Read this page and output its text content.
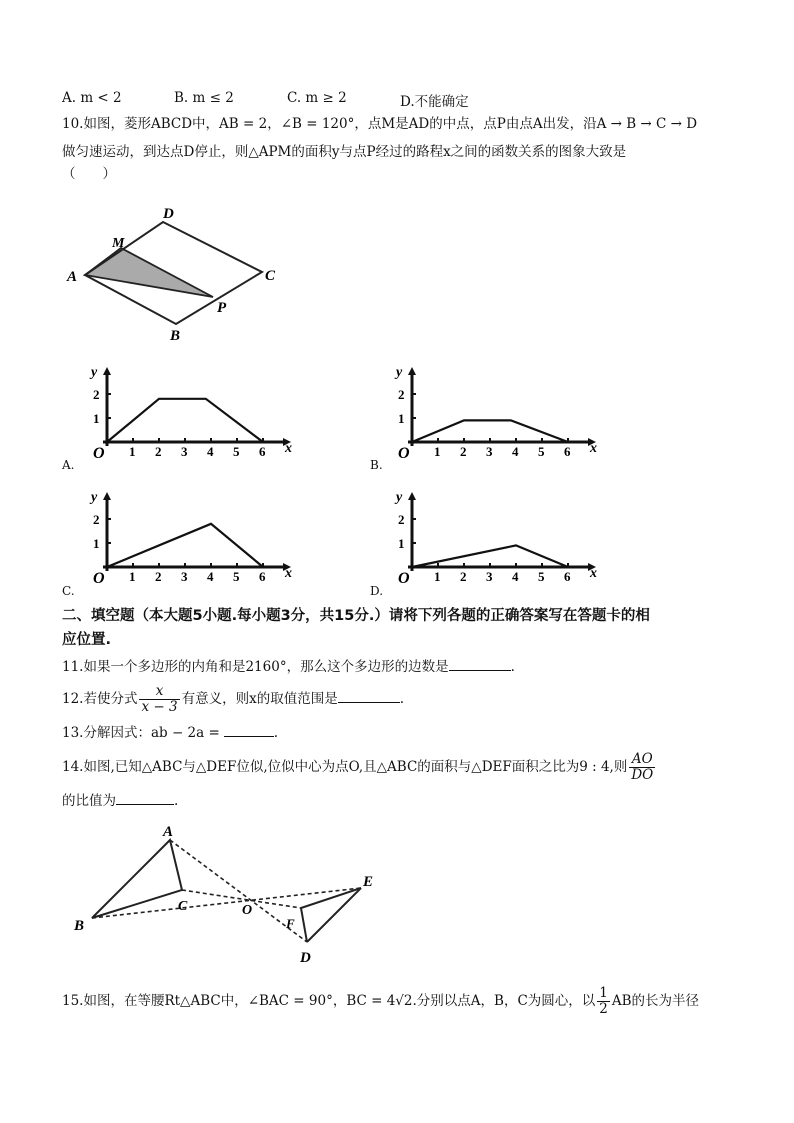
A. m < 2	B. m ≤ 2	C. m ≥ 2	D.不能确定
10.如图，菱形ABCD中，AB = 2，∠B = 120°，点M是AD的中点，点P由点A出发，沿A → B → C → D
做匀速运动，到达点D停止，则△APM的面积y与点P经过的路程x之间的函数关系的图象大致是
（　　）
D
M
A	C
P
B
1 2 3 4 5 6
1
2
O
y
x	1 2 3 4 5 6
1
2
O
y
x
1 2 3 4 5 6
1
2
O
y
x	1 2 3 4 5 6
1
2
O
y
x
A.	B.
C.	D.
二、填空题（本大题5小题.每小题3分，共15分.）请将下列各题的正确答案写在答题卡的相
应位置.
11.如果一个多边形的内角和是2160°，那么这个多边形的边数是	.
12.若使分式 $\frac{x}{x - 3}$ 有意义，则x的取值范围是	.
13.分解因式：ab − 2a =	.
14.如图,已知△ABC与△DEF位似,位似中心为点O,且△ABC的面积与△DEF面积之比为9 : 4,则 $\frac{AO}{DO}$
的比值为	.
A
B
C	O
E
F
D
15.如图，在等腰Rt△ABC中，∠BAC = 90°，BC = 4√2.分别以点A，B，C为圆心，以 $\frac{1}{2}$ AB的长为半径
